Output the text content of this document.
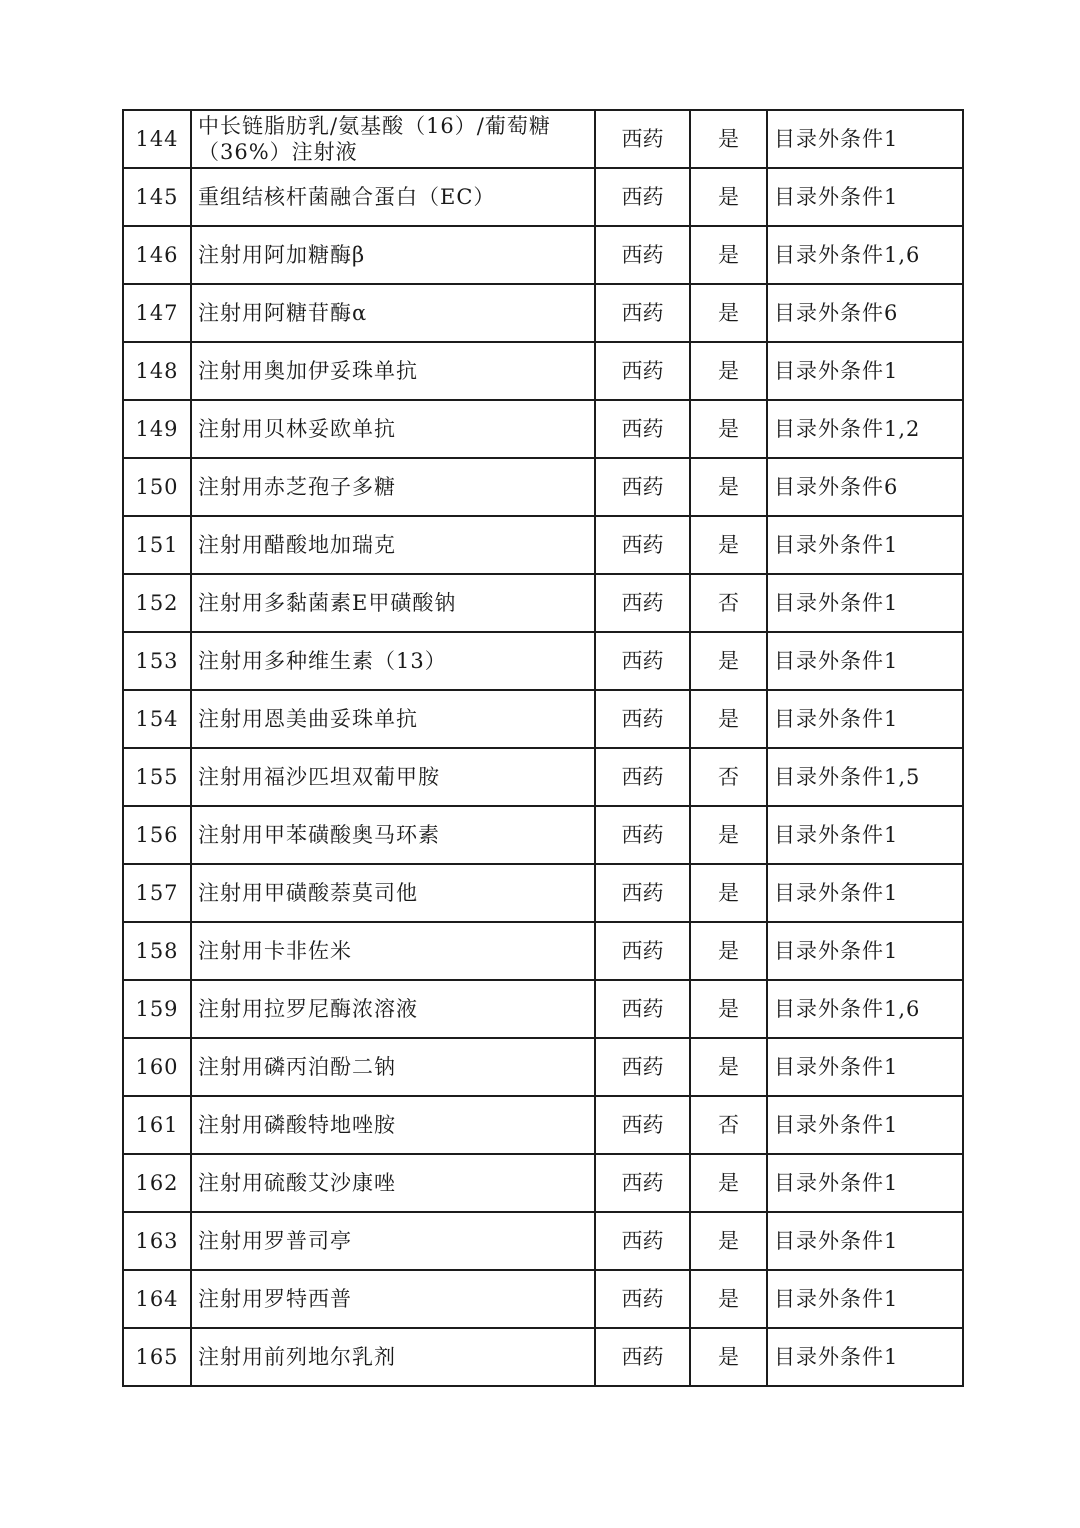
144	中长链脂肪乳/氨基酸（16）/葡萄糖（36%）注射液	西药	是	目录外条件1
145	重组结核杆菌融合蛋白（EC）	西药	是	目录外条件1
146	注射用阿加糖酶β	西药	是	目录外条件1,6
147	注射用阿糖苷酶α	西药	是	目录外条件6
148	注射用奥加伊妥珠单抗	西药	是	目录外条件1
149	注射用贝林妥欧单抗	西药	是	目录外条件1,2
150	注射用赤芝孢子多糖	西药	是	目录外条件6
151	注射用醋酸地加瑞克	西药	是	目录外条件1
152	注射用多黏菌素E甲磺酸钠	西药	否	目录外条件1
153	注射用多种维生素（13）	西药	是	目录外条件1
154	注射用恩美曲妥珠单抗	西药	是	目录外条件1
155	注射用福沙匹坦双葡甲胺	西药	否	目录外条件1,5
156	注射用甲苯磺酸奥马环素	西药	是	目录外条件1
157	注射用甲磺酸萘莫司他	西药	是	目录外条件1
158	注射用卡非佐米	西药	是	目录外条件1
159	注射用拉罗尼酶浓溶液	西药	是	目录外条件1,6
160	注射用磷丙泊酚二钠	西药	是	目录外条件1
161	注射用磷酸特地唑胺	西药	否	目录外条件1
162	注射用硫酸艾沙康唑	西药	是	目录外条件1
163	注射用罗普司亭	西药	是	目录外条件1
164	注射用罗特西普	西药	是	目录外条件1
165	注射用前列地尔乳剂	西药	是	目录外条件1
